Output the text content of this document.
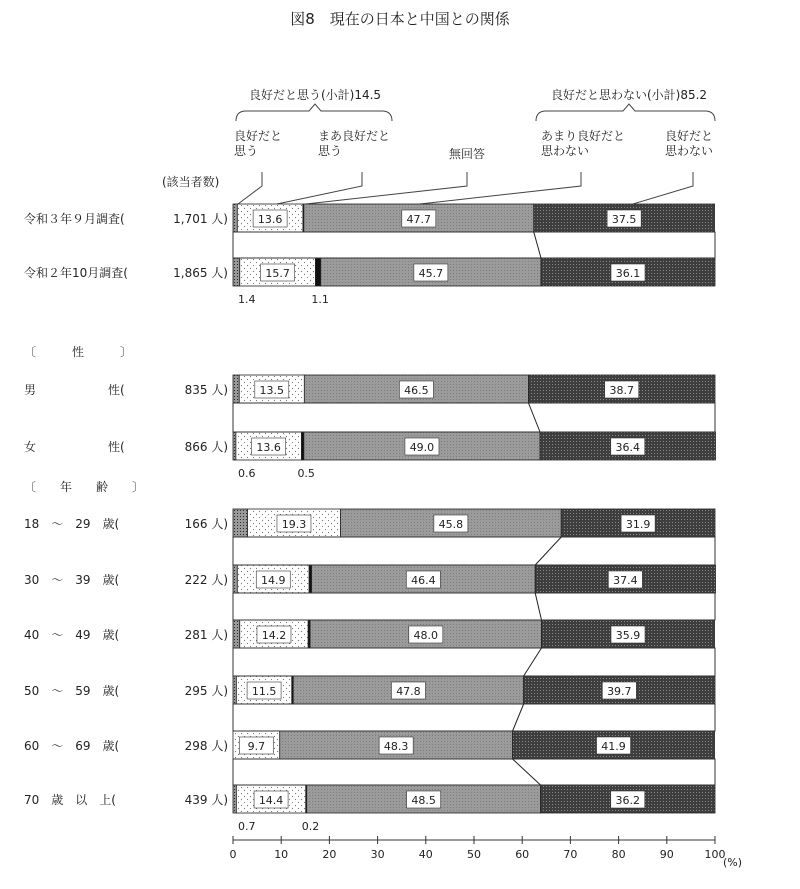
図8　現在の日本と中国との関係
(該当者数)
良好だと思う(小計)14.5	良好だと思わない(小計)85.2
良好だと
思う
まあ良好だと
思う	無回答
あまり良好だと
思わない
良好だと
思わない
〔　　　性　　　〕
〔　　年　　齢　　〕
令和３年９月調査(	1,701 人)	13.6	47.7	37.5
令和２年10月調査(	1,865 人)	15.7	45.7	36.1
1.4	1.1
男　　　　　　性(	835 人)	13.5	46.5	38.7
女　　　　　　性(	866 人)	13.6	49.0	36.4
0.6	0.5
18　～　29　歳(	166 人)	19.3	45.8	31.9
30　～　39　歳(	222 人)	14.9	46.4	37.4
40　～　49　歳(	281 人)	14.2	48.0	35.9
50　～　59　歳(	295 人) 11.5	47.8	39.7
60　～　69　歳(	298 人) 9.7	48.3	41.9
70　歳　以　上(	439 人)	14.4	48.5	36.2
0.7	0.2
0	10	20	30	40	50	60	70	80	90	100
(%)
